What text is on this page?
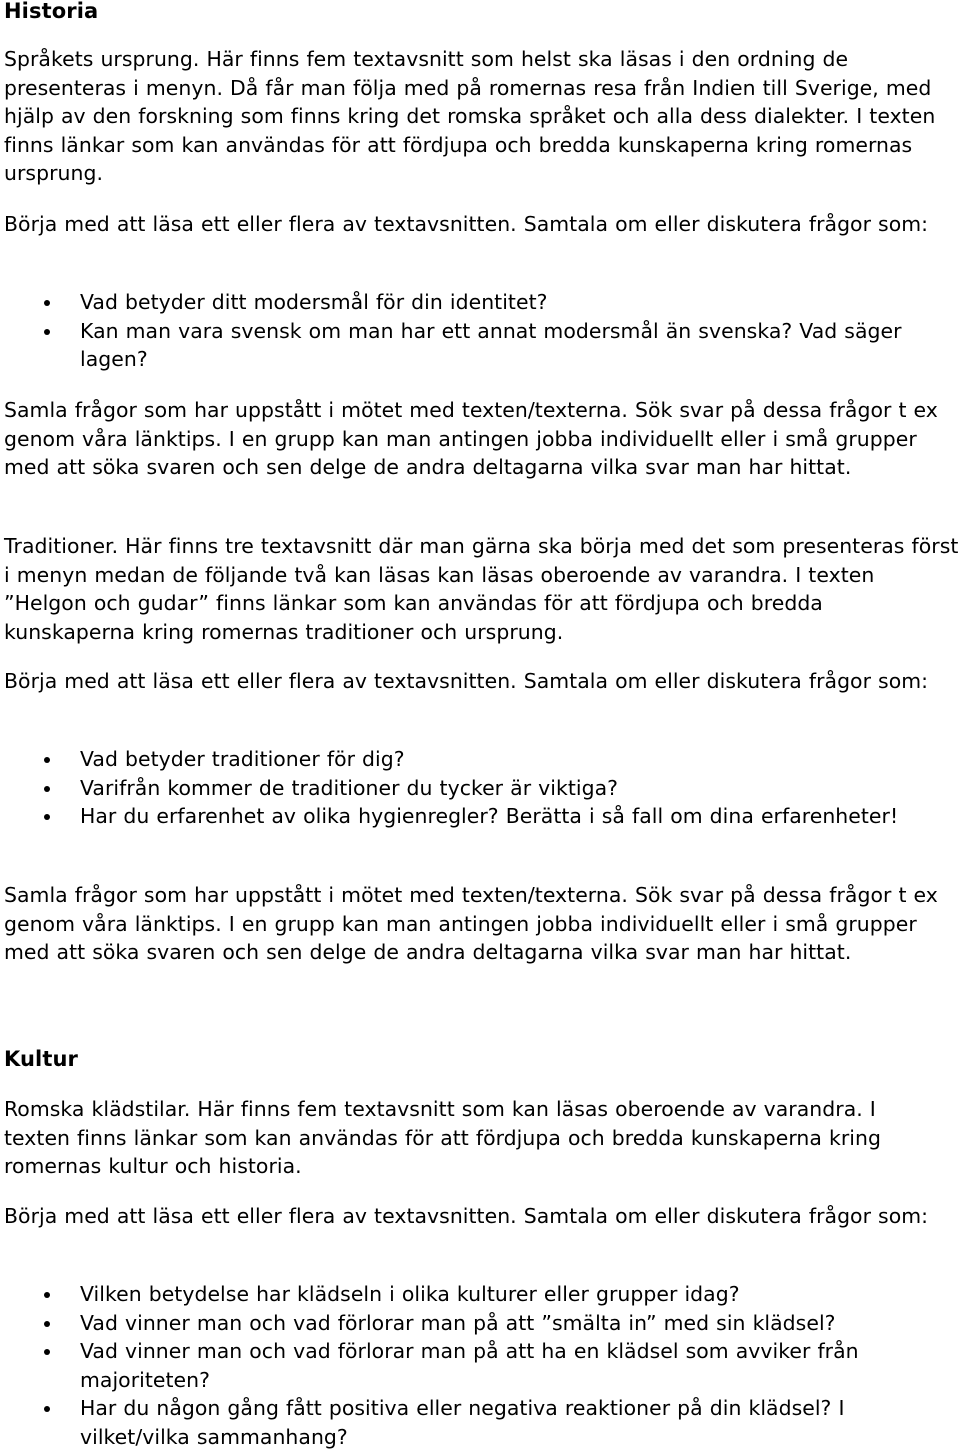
Historia

Språkets ursprung. Här finns fem textavsnitt som helst ska läsas i den ordning de presenteras i menyn. Då får man följa med på romernas resa från Indien till Sverige, med hjälp av den forskning som finns kring det romska språket och alla dess dialekter. I texten finns länkar som kan användas för att fördjupa och bredda kunskaperna kring romernas ursprung.

Börja med att läsa ett eller flera av textavsnitten. Samtala om eller diskutera frågor som:

Vad betyder ditt modersmål för din identitet?
Kan man vara svensk om man har ett annat modersmål än svenska? Vad säger lagen?

Samla frågor som har uppstått i mötet med texten/texterna. Sök svar på dessa frågor t ex genom våra länktips. I en grupp kan man antingen jobba individuellt eller i små grupper med att söka svaren och sen delge de andra deltagarna vilka svar man har hittat.

Traditioner. Här finns tre textavsnitt där man gärna ska börja med det som presenteras först i menyn medan de följande två kan läsas kan läsas oberoende av varandra. I texten ”Helgon och gudar” finns länkar som kan användas för att fördjupa och bredda kunskaperna kring romernas traditioner och ursprung.

Börja med att läsa ett eller flera av textavsnitten. Samtala om eller diskutera frågor som:

Vad betyder traditioner för dig?
Varifrån kommer de traditioner du tycker är viktiga?
Har du erfarenhet av olika hygienregler? Berätta i så fall om dina erfarenheter!

Samla frågor som har uppstått i mötet med texten/texterna. Sök svar på dessa frågor t ex genom våra länktips. I en grupp kan man antingen jobba individuellt eller i små grupper med att söka svaren och sen delge de andra deltagarna vilka svar man har hittat.

Kultur

Romska klädstilar. Här finns fem textavsnitt som kan läsas oberoende av varandra. I texten finns länkar som kan användas för att fördjupa och bredda kunskaperna kring romernas kultur och historia.

Börja med att läsa ett eller flera av textavsnitten. Samtala om eller diskutera frågor som:

Vilken betydelse har klädseln i olika kulturer eller grupper idag?
Vad vinner man och vad förlorar man på att ”smälta in” med sin klädsel?
Vad vinner man och vad förlorar man på att ha en klädsel som avviker från majoriteten?
Har du någon gång fått positiva eller negativa reaktioner på din klädsel? I vilket/vilka sammanhang?
